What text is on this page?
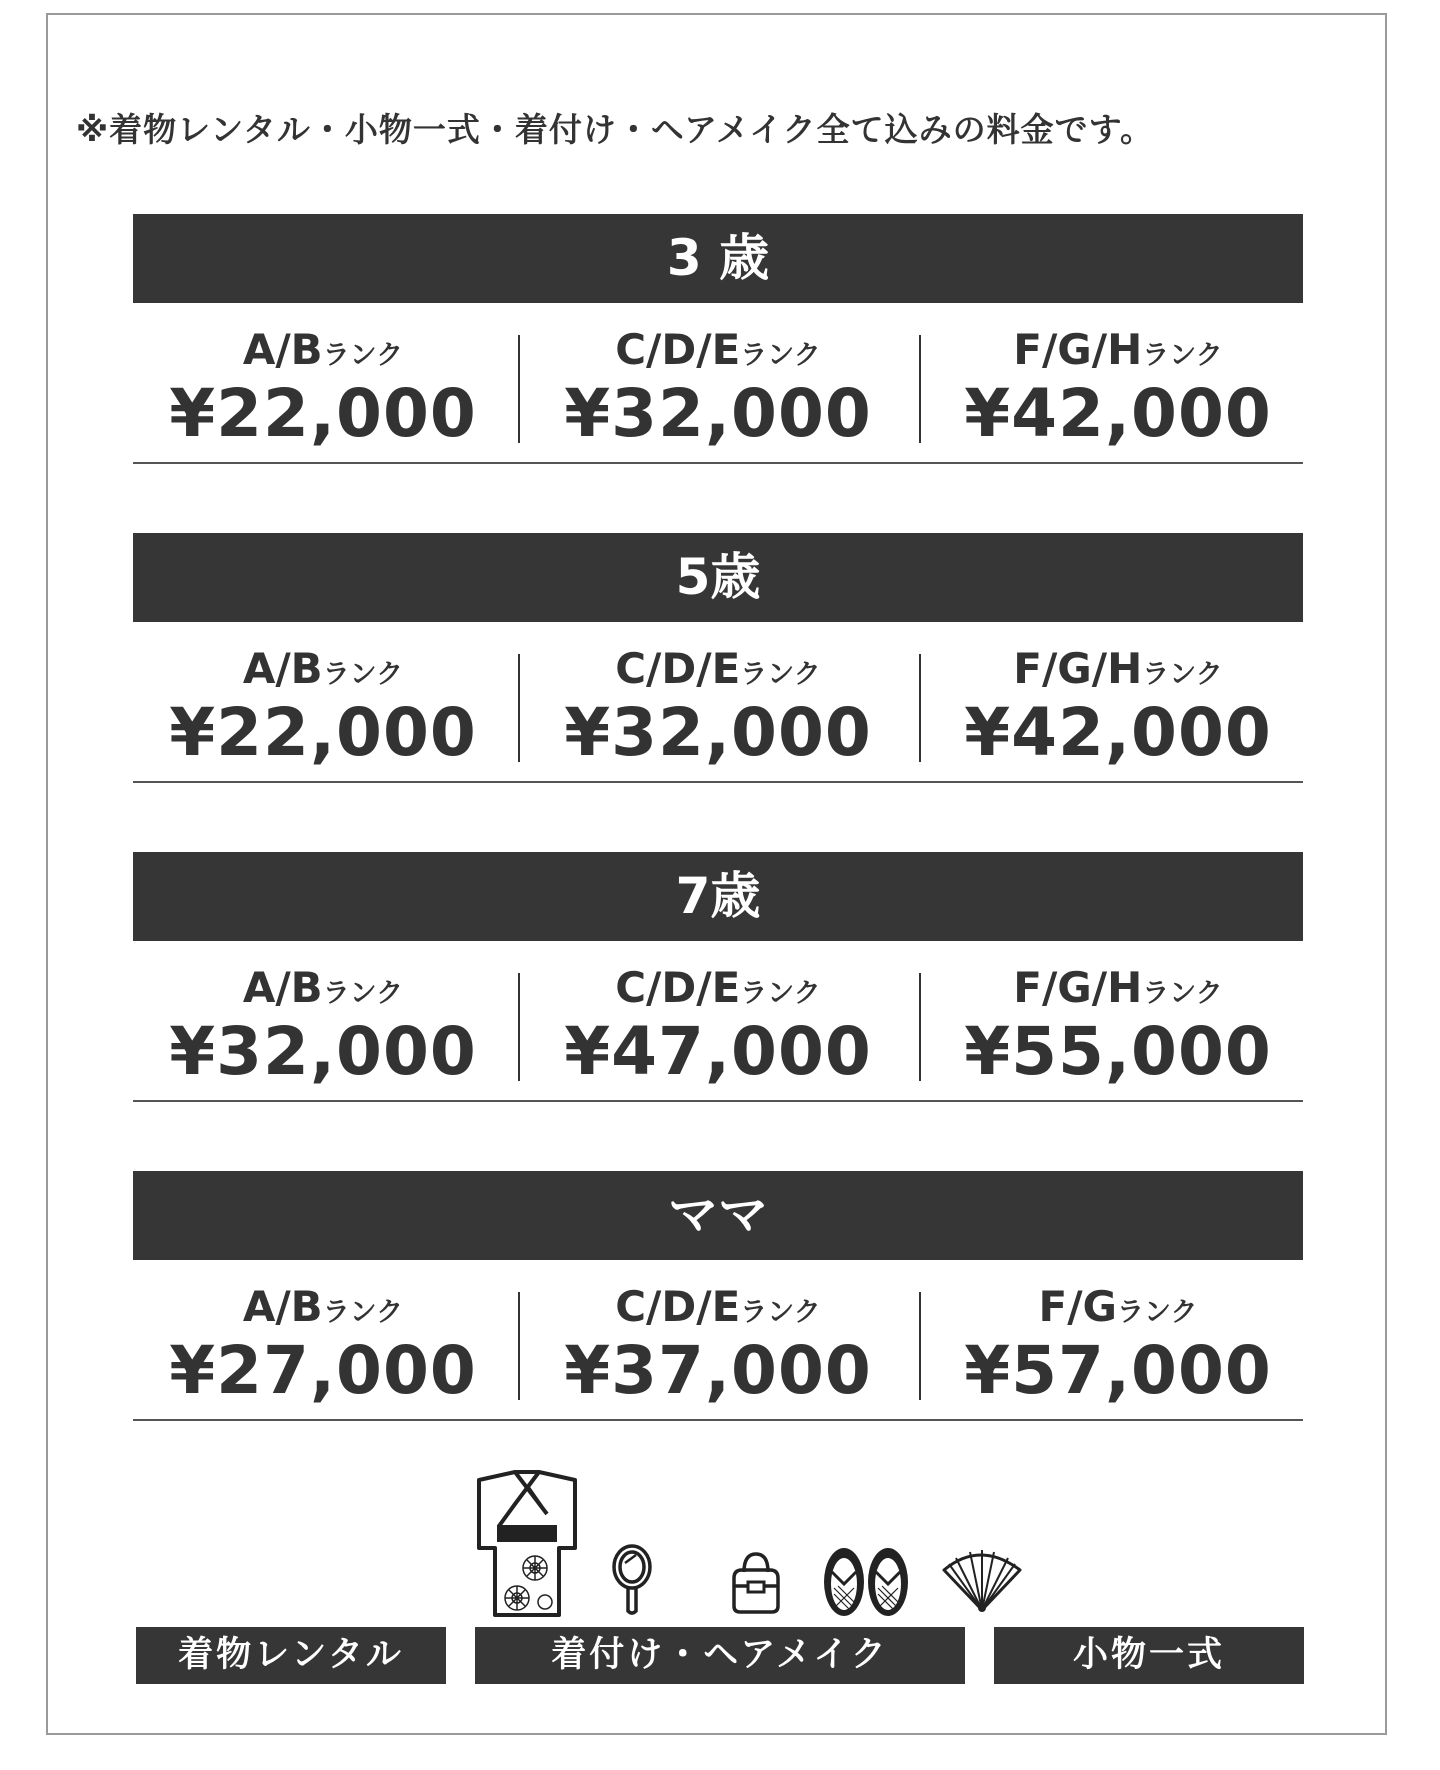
※着物レンタル・小物一式・着付け・ヘアメイク全て込みの料金です。
3 歳
A/Bランク
¥22,000
C/D/Eランク
¥32,000
F/G/Hランク
¥42,000
5歳
A/Bランク
¥22,000
C/D/Eランク
¥32,000
F/G/Hランク
¥42,000
7歳
A/Bランク
¥32,000
C/D/Eランク
¥47,000
F/G/Hランク
¥55,000
ママ
A/Bランク
¥27,000
C/D/Eランク
¥37,000
F/Gランク
¥57,000
着物レンタル	着付け・ヘアメイク	小物一式
